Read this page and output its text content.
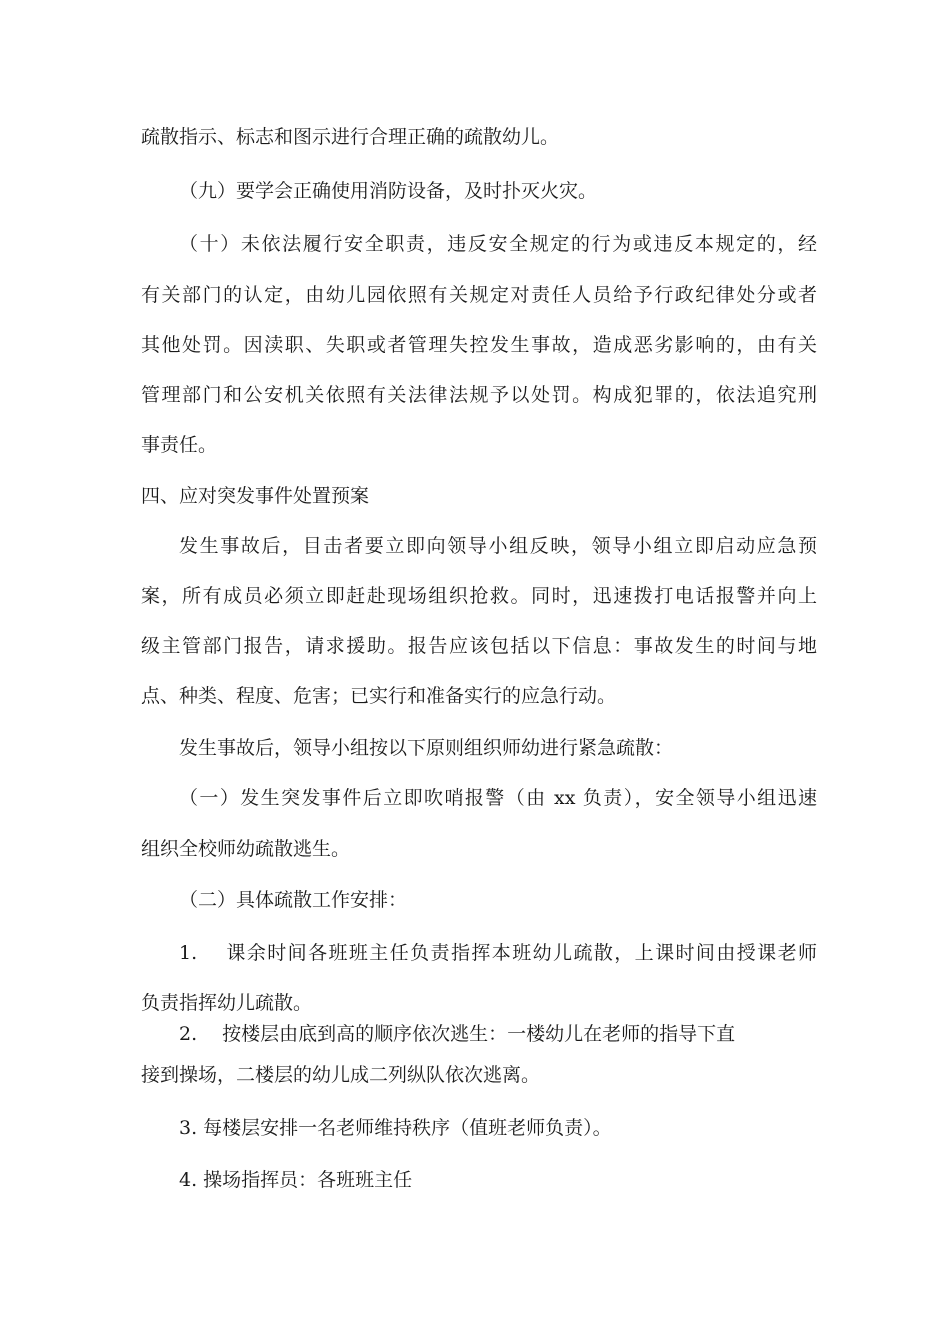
疏散指示、标志和图示进行合理正确的疏散幼儿。
（九）要学会正确使用消防设备，及时扑灭火灾。
（十）未依法履行安全职责，违反安全规定的行为或违反本规定的，经
有关部门的认定，由幼儿园依照有关规定对责任人员给予行政纪律处分或者
其他处罚。因渎职、失职或者管理失控发生事故，造成恶劣影响的，由有关
管理部门和公安机关依照有关法律法规予以处罚。构成犯罪的，依法追究刑
事责任。
四、应对突发事件处置预案
发生事故后，目击者要立即向领导小组反映，领导小组立即启动应急预
案，所有成员必须立即赶赴现场组织抢救。同时，迅速拨打电话报警并向上
级主管部门报告，请求援助。报告应该包括以下信息：事故发生的时间与地
点、种类、程度、危害；已实行和准备实行的应急行动。
发生事故后，领导小组按以下原则组织师幼进行紧急疏散：
（一）发生突发事件后立即吹哨报警（由 xx 负责），安全领导小组迅速
组织全校师幼疏散逃生。
（二）具体疏散工作安排：
1.　 课余时间各班班主任负责指挥本班幼儿疏散，上课时间由授课老师
负责指挥幼儿疏散。
2.　 按楼层由底到高的顺序依次逃生：一楼幼儿在老师的指导下直
接到操场，二楼层的幼儿成二列纵队依次逃离。
3. 每楼层安排一名老师维持秩序（值班老师负责）。
4. 操场指挥员：各班班主任
